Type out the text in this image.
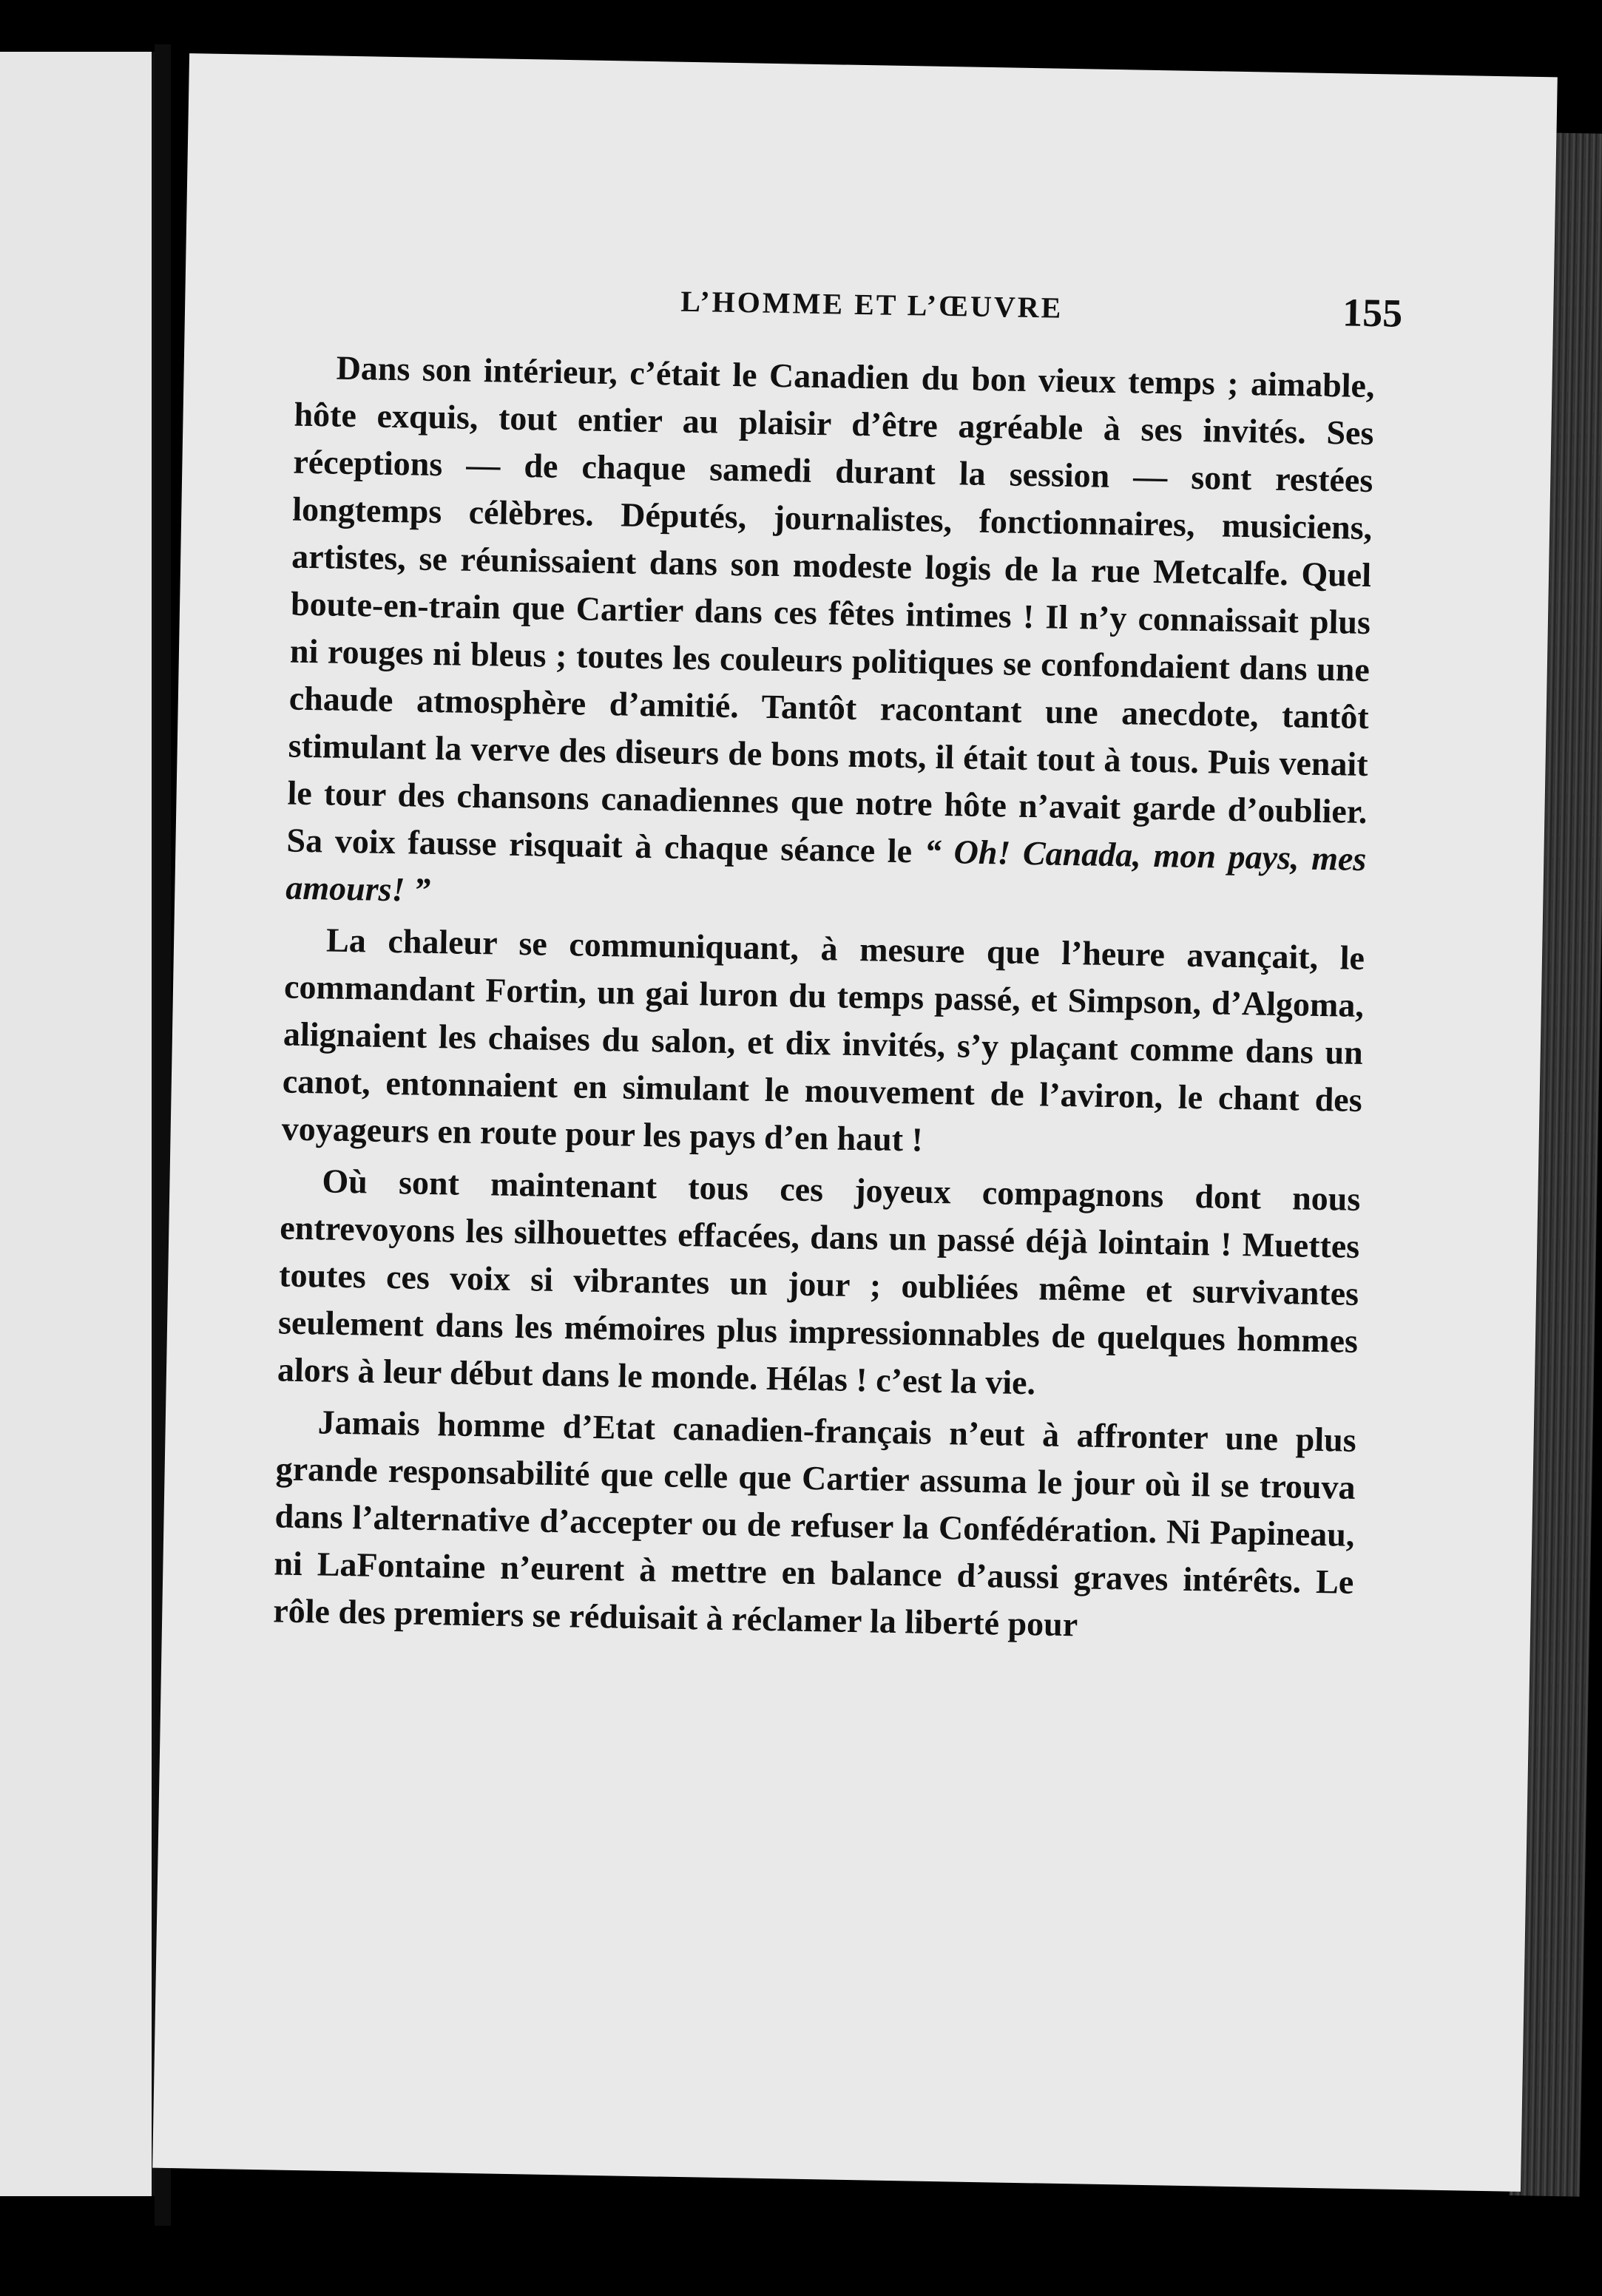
L’HOMME ET L’ŒUVRE	155

Dans son intérieur, c’était le Canadien du bon vieux temps ; aimable, hôte exquis, tout entier au plaisir d’être agréable à ses invités. Ses réceptions — de chaque samedi durant la session — sont restées longtemps célèbres. Députés, journalistes, fonctionnaires, musiciens, artistes, se réunissaient dans son modeste logis de la rue Metcalfe. Quel boute-en-train que Cartier dans ces fêtes intimes ! Il n’y connaissait plus ni rouges ni bleus ; toutes les couleurs politiques se confondaient dans une chaude atmosphère d’amitié. Tantôt racontant une anecdote, tantôt stimulant la verve des diseurs de bons mots, il était tout à tous. Puis venait le tour des chansons canadiennes que notre hôte n’avait garde d’oublier. Sa voix fausse risquait à chaque séance le “ Oh! Canada, mon pays, mes amours! ”

La chaleur se communiquant, à mesure que l’heure avançait, le commandant Fortin, un gai luron du temps passé, et Simpson, d’Algoma, alignaient les chaises du salon, et dix invités, s’y plaçant comme dans un canot, entonnaient en simulant le mouvement de l’aviron, le chant des voyageurs en route pour les pays d’en haut !

Où sont maintenant tous ces joyeux compagnons dont nous entrevoyons les silhouettes effacées, dans un passé déjà lointain ! Muettes toutes ces voix si vibrantes un jour ; oubliées même et survivantes seulement dans les mémoires plus impressionnables de quelques hommes alors à leur début dans le monde. Hélas ! c’est la vie.

Jamais homme d’Etat canadien-français n’eut à affronter une plus grande responsabilité que celle que Cartier assuma le jour où il se trouva dans l’alternative d’accepter ou de refuser la Confédération. Ni Papineau, ni LaFontaine n’eurent à mettre en balance d’aussi graves intérêts. Le rôle des premiers se réduisait à réclamer la liberté pour
